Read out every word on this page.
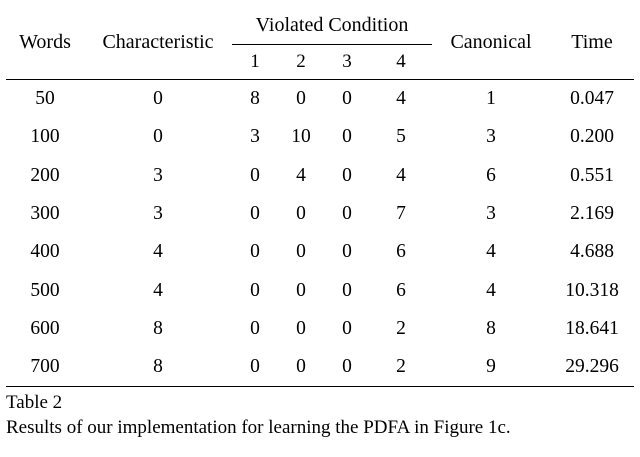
Words	Characteristic	Violated Condition				Canonical	Time
		1	2	3	4		
50	0	8	0	0	4	1	0.047
100	0	3	10	0	5	3	0.200
200	3	0	4	0	4	6	0.551
300	3	0	0	0	7	3	2.169
400	4	0	0	0	6	4	4.688
500	4	0	0	0	6	4	10.318
600	8	0	0	0	2	8	18.641
700	8	0	0	0	2	9	29.296
Table 2
Results of our implementation for learning the PDFA in Figure 1c.
